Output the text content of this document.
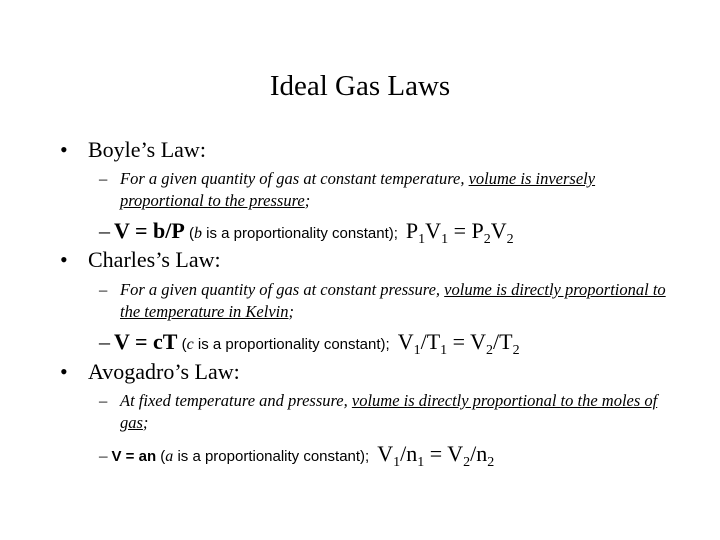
Ideal Gas Laws
• Boyle’s Law:
– For a given quantity of gas at constant temperature, volume is inversely proportional to the pressure;
– V = b/P (b is a proportionality constant); $P_1V_1 = P_2V_2$
• Charles’s Law:
– For a given quantity of gas at constant pressure, volume is directly proportional to the temperature in Kelvin;
– V = cT (c is a proportionality constant); $V_1/T_1 = V_2/T_2$
• Avogadro’s Law:
– At fixed temperature and pressure, volume is directly proportional to the moles of gas;
– V = an (a is a proportionality constant); $V_1/n_1 = V_2/n_2$
